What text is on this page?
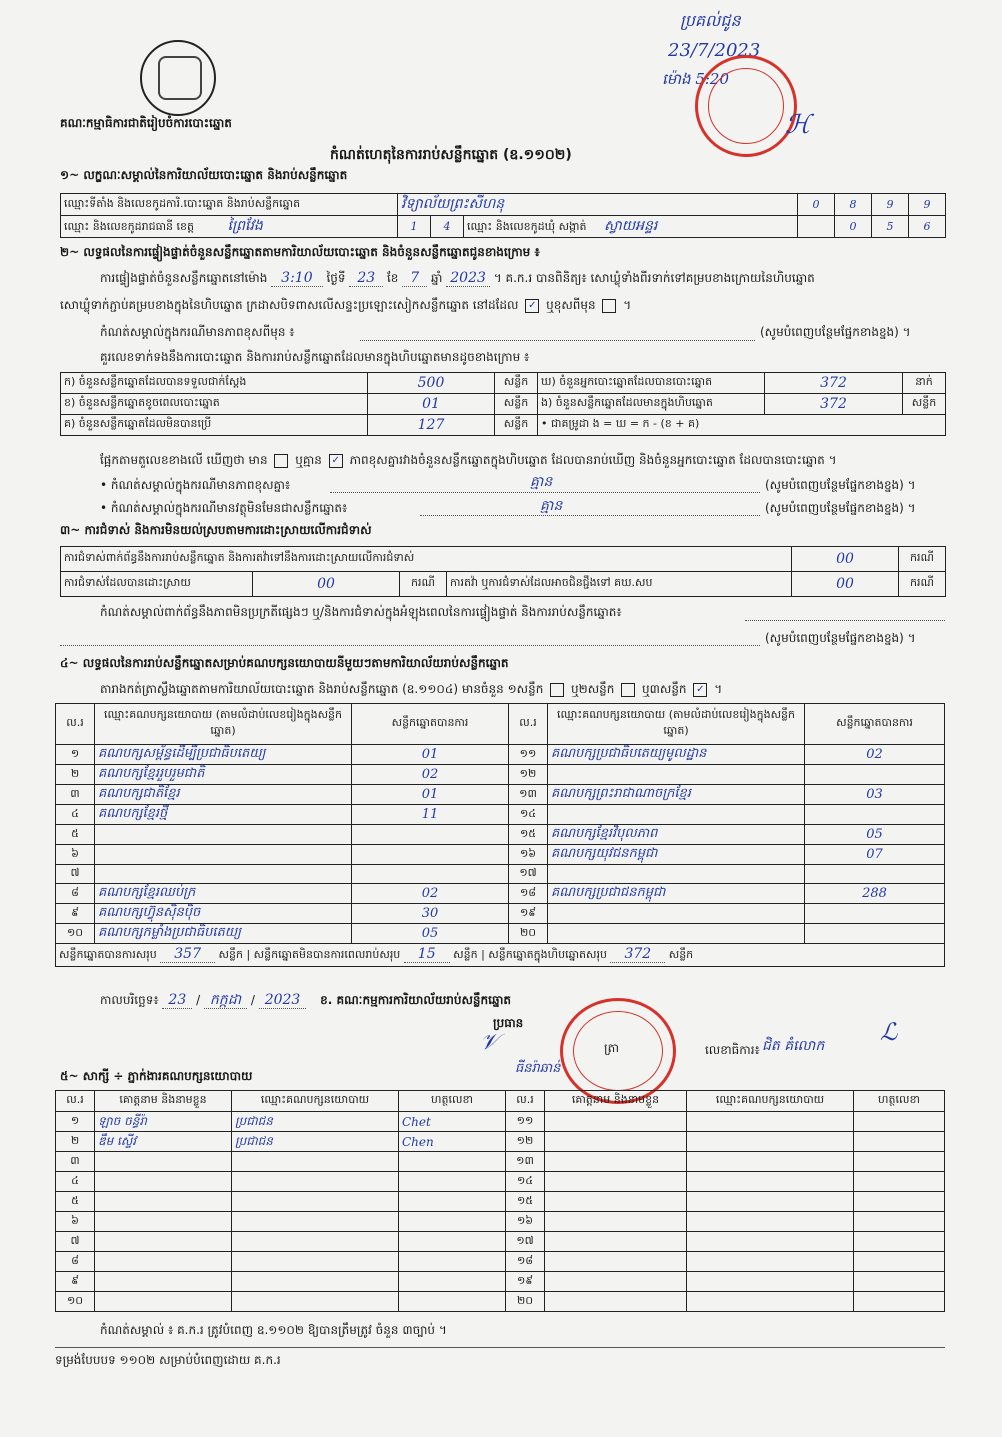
គណៈកម្មាធិការជាតិរៀបចំការបោះឆ្នោត
ប្រគល់ជូន
23/7/2023
ម៉ោង 5:20
ℋ
កំណត់ហេតុនៃការរាប់សន្លឹកឆ្នោត (ឧ.១១០២)
១~ លក្ខណៈសម្គាល់នៃការិយាល័យបោះឆ្នោត និងរាប់សន្លឹកឆ្នោត
ឈ្មោះទីតាំង និងលេខកូដការិ.បោះឆ្នោត និងរាប់សន្លឹកឆ្នោត	វិទ្យាល័យព្រះសីហនុ			0	8	9	9
ឈ្មោះ និងលេខកូដរាជធានី ខេត្ត ព្រៃវែង	1	4	ឈ្មោះ និងលេខកូដឃុំ សង្កាត់ ស្វាយអន្ទរ		0	5	6
២~ លទ្ធផលនៃការផ្ទៀងផ្ទាត់ចំនួនសន្លឹកឆ្នោតតាមការិយាល័យបោះឆ្នោត និងចំនួនសន្លឹកឆ្នោតជូនខាងក្រោម ៖
ការផ្ទៀងផ្ទាត់ចំនួនសន្លឹកឆ្នោតនៅម៉ោង 3:10 ថ្ងៃទី 23 ខែ 7 ឆ្នាំ 2023 ។ គ.ក.រ បានពិនិត្យ៖ សោឃ្លុំទាំងពីរទាក់ទៅគម្របខាងក្រោយនៃហិបឆ្នោត
សោឃ្លុំទាក់ភ្ជាប់គម្របខាងក្នុងនៃហិបឆ្នោត ក្រដាសបិទពាសលើសន្ទះប្រឡោះសៀកសន្លឹកឆ្នោត នៅដដែល ✓ ឬខុសពីមុន  ។
កំណត់សម្គាល់ក្នុងករណីមានភាពខុសពីមុន ៖	(សូមបំពេញបន្ថែមផ្នែកខាងខ្នង) ។
គួរលេខទាក់ទងនឹងការបោះឆ្នោត និងការរាប់សន្លឹកឆ្នោតដែលមានក្នុងហិបឆ្នោតមានដូចខាងក្រោម ៖
ក) ចំនួនសន្លឹកឆ្នោតដែលបានទទួលជាក់ស្តែង	500	សន្លឹក	ឃ) ចំនួនអ្នកបោះឆ្នោតដែលបានបោះឆ្នោត	372	នាក់
ខ) ចំនួនសន្លឹកឆ្នោតខូចពេលបោះឆ្នោត	01	សន្លឹក	ង) ចំនួនសន្លឹកឆ្នោតដែលមានក្នុងហិបឆ្នោត	372	សន្លឹក
គ) ចំនួនសន្លឹកឆ្នោតដែលមិនបានប្រើ	127	សន្លឹក	• ជាគម្រូដា ង = ឃ = ក - (ខ + គ)		
ផ្អែកតាមតួលេខខាងលើ ឃើញថា មាន ឬគ្មាន ✓ ភាពខុសគ្នារវាងចំនួនសន្លឹកឆ្នោតក្នុងហិបឆ្នោត ដែលបានរាប់ឃើញ និងចំនួនអ្នកបោះឆ្នោត ដែលបានបោះឆ្នោត ។
• កំណត់សម្គាល់ក្នុងករណីមានភាពខុសគ្នា៖	គ្មាន	(សូមបំពេញបន្ថែមផ្នែកខាងខ្នង) ។
• កំណត់សម្គាល់ក្នុងករណីមានវត្ថុមិនមែនជាសន្លឹកឆ្នោត៖	គ្មាន	(សូមបំពេញបន្ថែមផ្នែកខាងខ្នង) ។
៣~ ការជំទាស់ និងការមិនយល់ស្របតាមការដោះស្រាយលើការជំទាស់
ការជំទាស់ពាក់ព័ន្ធនឹងការរាប់សន្លឹកឆ្នោត និងការតវ៉ាទៅនឹងការដោះស្រាយលើការជំទាស់				00	ករណី
ការជំទាស់ដែលបានដោះស្រាយ	00	ករណី	ការតវ៉ា ឬការជំទាស់ដែលអាចជិនជ្ជឹងទៅ គឃ.សប	00	ករណី
កំណត់សម្គាល់ពាក់ព័ន្ធនឹងភាពមិនប្រក្រតីផ្សេងៗ ឬ/និងការជំទាស់ក្នុងអំឡុងពេលនៃការផ្ទៀងផ្ទាត់ និងការរាប់សន្លឹកឆ្នោត៖
(សូមបំពេញបន្ថែមផ្នែកខាងខ្នង) ។
៤~ លទ្ធផលនៃការរាប់សន្លឹកឆ្នោតសម្រាប់គណបក្សនយោបាយនីមួយៗតាមការិយាល័យរាប់សន្លឹកឆ្នោត
តារាងកត់ត្រាស្លឹងឆ្នោតតាមការិយាល័យបោះឆ្នោត និងរាប់សន្លឹកឆ្នោត (ឧ.១១០៤) មានចំនួន ១សន្លឹក ឬ២សន្លឹក ឬ៣សន្លឹក ✓ ។
ល.រ	ឈ្មោះគណបក្សនយោបាយ (តាមលំដាប់លេខរៀងក្នុងសន្លឹកឆ្នោត)	សន្លឹកឆ្នោតបានការ	ល.រ	ឈ្មោះគណបក្សនយោបាយ (តាមលំដាប់លេខរៀងក្នុងសន្លឹកឆ្នោត)	សន្លឹកឆ្នោតបានការ
១	គណបក្សសម្ព័ន្ធដើម្បីប្រជាធិបតេយ្យ	01	១១	គណបក្សប្រជាធិបតេយ្យមូលដ្ឋាន	02
២	គណបក្សខ្មែររួបរួមជាតិ	02	១២		
៣	គណបក្សជាតិខ្មែរ	01	១៣	គណបក្សព្រះរាជាណាចក្រខ្មែរ	03
៤	គណបក្សខ្មែរថ្មី	11	១៤		
៥			១៥	គណបក្សខ្មែរវិបុលភាព	05
៦			១៦	គណបក្សយុវជនកម្ពុជា	07
៧			១៧		
៨	គណបក្សខ្មែរឈប់ក្រ	02	១៨	គណបក្សប្រជាជនកម្ពុជា	288
៩	គណបក្សហ៊្វុនស៊ិនប៉ិច	30	១៩		
១០	គណបក្សកម្លាំងប្រជាធិបតេយ្យ	05	២០		
សន្លឹកឆ្នោតបានការសរុប 357 សន្លឹក | សន្លឹកឆ្នោតមិនបានការពេលរាប់សរុប 15 សន្លឹក | សន្លឹកឆ្នោតក្នុងហិបឆ្នោតសរុប 372 សន្លឹក					
កាលបរិច្ឆេទ៖ 23 / កក្កដា / 2023 ខ. គណៈកម្មការការិយាល័យរាប់សន្លឹកឆ្នោត
ប្រធាន
𝒱
ធីនរ៉ាឆាន់
ត្រា	លេខាធិការ៖ ជិត គំលោក ℒ
៥~ សាក្សី ÷ ភ្នាក់ងារគណបក្សនយោបាយ
ល.រ	គោត្តនាម និងនាមខ្លួន	ឈ្មោះគណបក្សនយោបាយ	ហត្ថលេខា	ល.រ	គោត្តនាម និងនាមខ្លួន	ឈ្មោះគណបក្សនយោបាយ	ហត្ថលេខា
១	ឡាច ចន្ធីរ៉ា	ប្រជាជន	Chet	១១			
២	ឌឹម ស្ទើវ	ប្រជាជន	Chen	១២			
៣				១៣			
៤				១៤			
៥				១៥			
៦				១៦			
៧				១៧			
៨				១៨			
៩				១៩			
១០				២០			
កំណត់សម្គាល់ ៖ គ.ក.រ ត្រូវបំពេញ ឧ.១១០២ ឱ្យបានត្រឹមត្រូវ ចំនួន ៣ច្បាប់ ។
ទម្រង់បែបបទ ១១០២ សម្រាប់បំពេញដោយ គ.ក.រ
